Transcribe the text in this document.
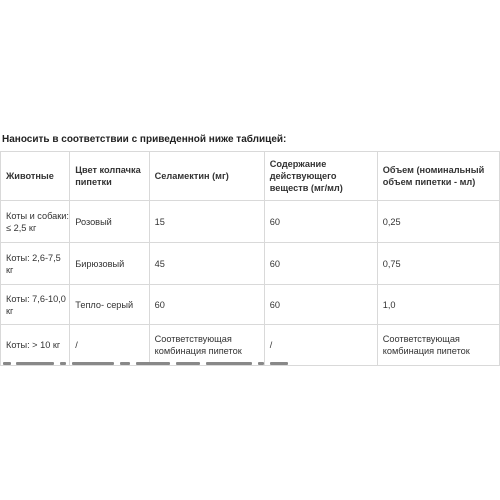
Наносить в соответствии с приведенной ниже таблицей:
Животные	Цвет колпачка пипетки	Селамектин (мг)	Содержание действующего веществ (мг/мл)	Объем (номинальный объем пипетки - мл)
Коты и собаки: ≤ 2,5 кг	Розовый	15	60	0,25
Коты: 2,6-7,5 кг	Бирюзовый	45	60	0,75
Коты: 7,6-10,0 кг	Тепло- серый	60	60	1,0
Коты: > 10 кг	/	Соответствующая комбинация пипеток	/	Соответствующая комбинация пипеток
